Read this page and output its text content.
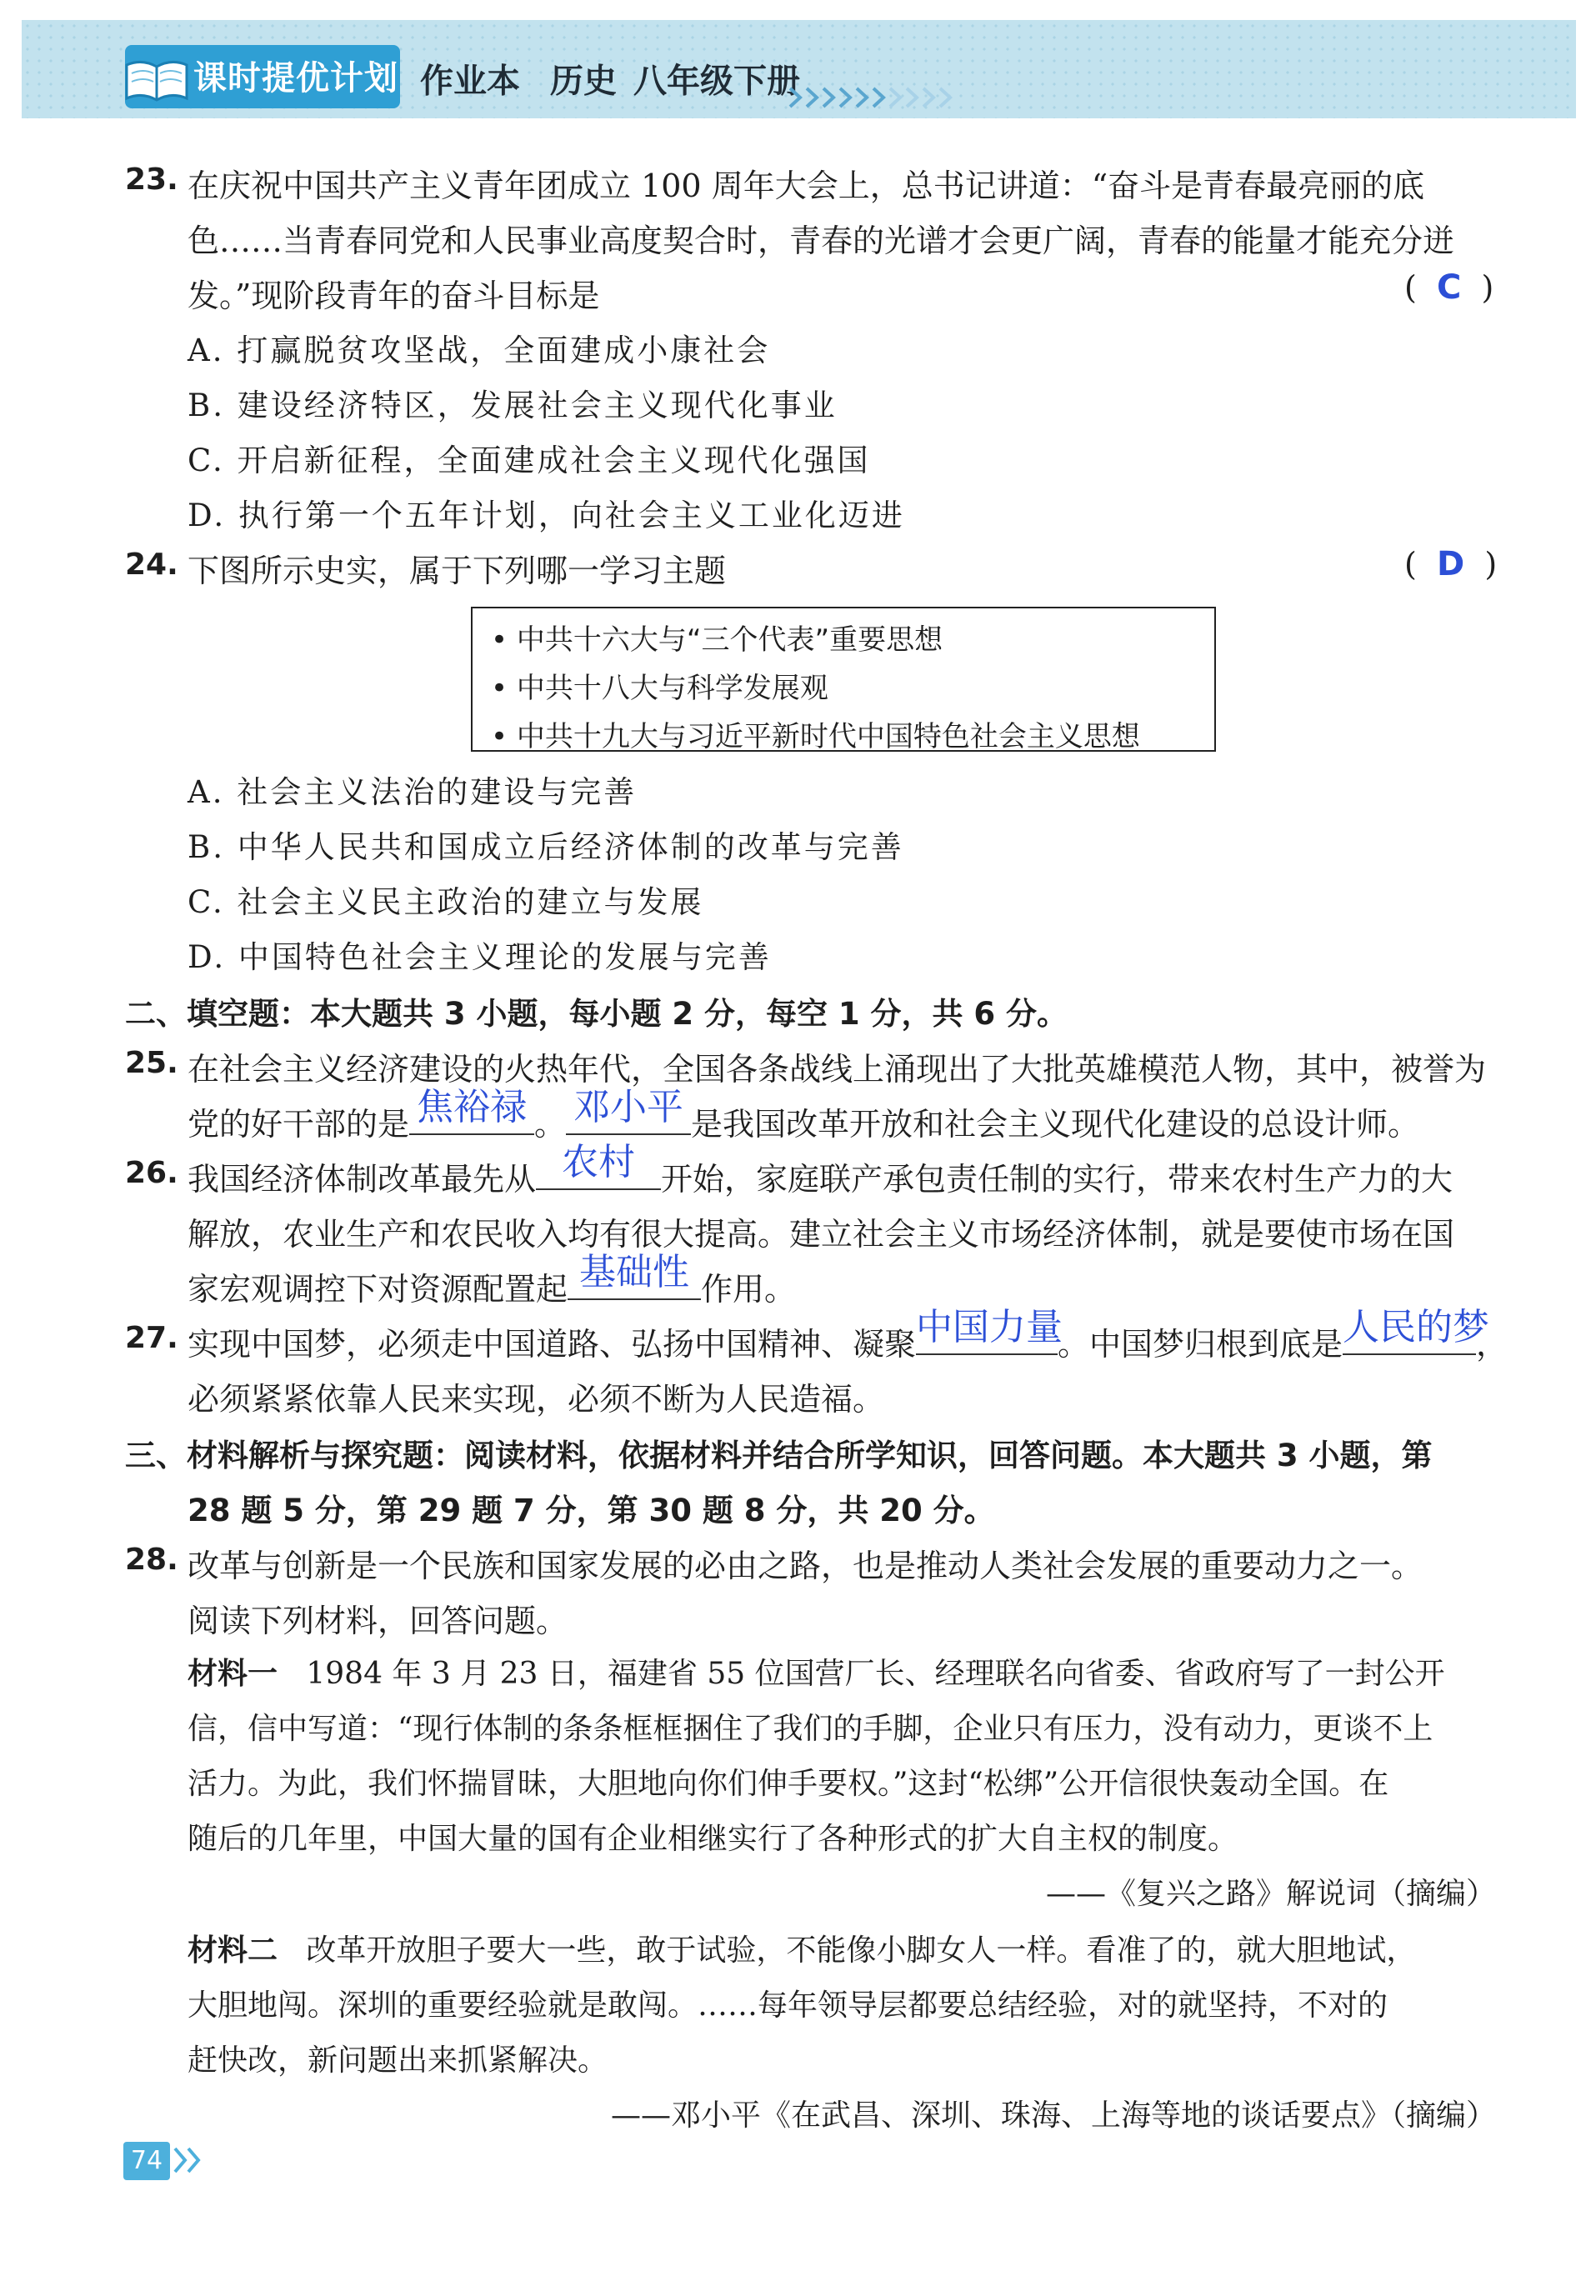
课时提优计划 作业本 历史 八年级下册
23. 在庆祝中国共产主义青年团成立 100 周年大会上，总书记讲道：“奋斗是青春最亮丽的底
色……当青春同党和人民事业高度契合时，青春的光谱才会更广阔，青春的能量才能充分迸
发。”现阶段青年的奋斗目标是	(  C  )
A. 打赢脱贫攻坚战，全面建成小康社会
B. 建设经济特区，发展社会主义现代化事业
C. 开启新征程，全面建成社会主义现代化强国
D. 执行第一个五年计划，向社会主义工业化迈进
24. 下图所示史实，属于下列哪一学习主题	(  D  )
• 中共十六大与“三个代表”重要思想
• 中共十八大与科学发展观
• 中共十九大与习近平新时代中国特色社会主义思想
A. 社会主义法治的建设与完善
B. 中华人民共和国成立后经济体制的改革与完善
C. 社会主义民主政治的建立与发展
D. 中国特色社会主义理论的发展与完善
二、填空题：本大题共 3 小题，每小题 2 分，每空 1 分，共 6 分。
25. 在社会主义经济建设的火热年代，全国各条战线上涌现出了大批英雄模范人物，其中，被誉为
党的好干部的是 焦裕禄 。 邓小平 是我国改革开放和社会主义现代化建设的总设计师。
26. 我国经济体制改革最先从 农村 开始，家庭联产承包责任制的实行，带来农村生产力的大
解放，农业生产和农民收入均有很大提高。建立社会主义市场经济体制，就是要使市场在国
家宏观调控下对资源配置起 基础性 作用。
27. 实现中国梦，必须走中国道路、弘扬中国精神、凝聚 中国力量
。中国梦归根到底是 人民的梦
，
必须紧紧依靠人民来实现，必须不断为人民造福。
三、材料解析与探究题：阅读材料，依据材料并结合所学知识，回答问题。本大题共 3 小题，第
28 题 5 分，第 29 题 7 分，第 30 题 8 分，共 20 分。
28. 改革与创新是一个民族和国家发展的必由之路，也是推动人类社会发展的重要动力之一。
阅读下列材料，回答问题。
材料一 1984 年 3 月 23 日，福建省 55 位国营厂长、经理联名向省委、省政府写了一封公开
信，信中写道：“现行体制的条条框框捆住了我们的手脚，企业只有压力，没有动力，更谈不上
活力。为此，我们怀揣冒昧，大胆地向你们伸手要权。”这封“松绑”公开信很快轰动全国。在
随后的几年里，中国大量的国有企业相继实行了各种形式的扩大自主权的制度。
——《复兴之路》解说词（摘编）
材料二 改革开放胆子要大一些，敢于试验，不能像小脚女人一样。看准了的，就大胆地试，
大胆地闯。深圳的重要经验就是敢闯。……每年领导层都要总结经验，对的就坚持，不对的
赶快改，新问题出来抓紧解决。
——邓小平《在武昌、深圳、珠海、上海等地的谈话要点》（摘编）
74
